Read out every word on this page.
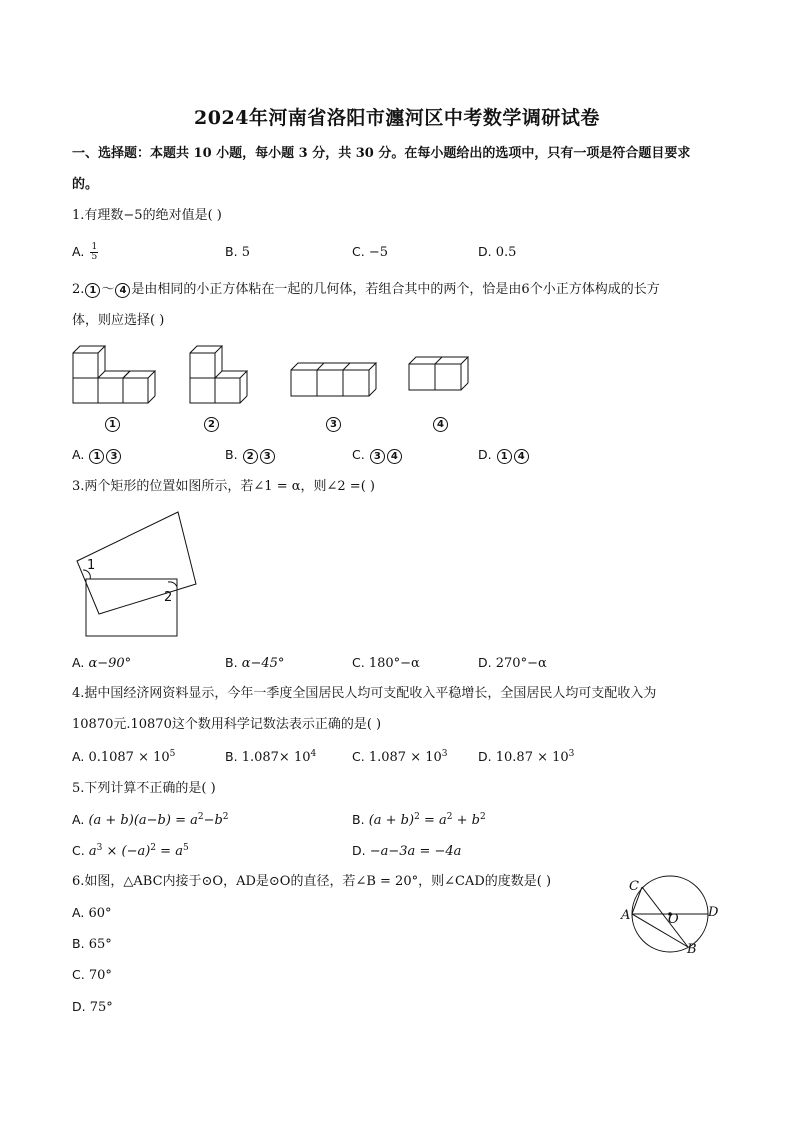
2024年河南省洛阳市瀍河区中考数学调研试卷
一、选择题：本题共 10 小题，每小题 3 分，共 30 分。在每小题给出的选项中，只有一项是符合题目要求
的。
1.有理数−5的绝对值是( )
A. $\frac{1}{5}$	B. 5	C. −5	D. 0.5
2. 1 ～ 4 是由相同的小正方体粘在一起的几何体，若组合其中的两个，恰是由6个小正方体构成的长方
体，则应选择( )
1	2	3	4
A. 1 3	B. 2 3	C. 3 4	D. 1 4
3.两个矩形的位置如图所示，若∠1 = α，则∠2 =( )
1
2
A. α−90°	B. α−45°	C. 180°−α	D. 270°−α
4.据中国经济网资料显示，今年一季度全国居民人均可支配收入平稳增长，全国居民人均可支配收入为
10870元.10870这个数用科学记数法表示正确的是( )
A. $0.1087 \times 10^5$	B. $1.087\times 10^4$	C. $1.087 \times 10^3$ D. $10.87 \times 10^3$
5.下列计算不正确的是( )
A. $(a + b)(a-b) = a^2-b^2$	B. $(a + b)^2 = a^2 + b^2$
C. $a^3 \times (-a)^2 = a^5$	D. −a−3a = −4a
6.如图，△ABC内接于⊙O，AD是⊙O的直径，若∠B = 20°，则∠CAD的度数是( )
A. 60°
B. 65°
C. 70°
D. 75°
A
C
O D
B
